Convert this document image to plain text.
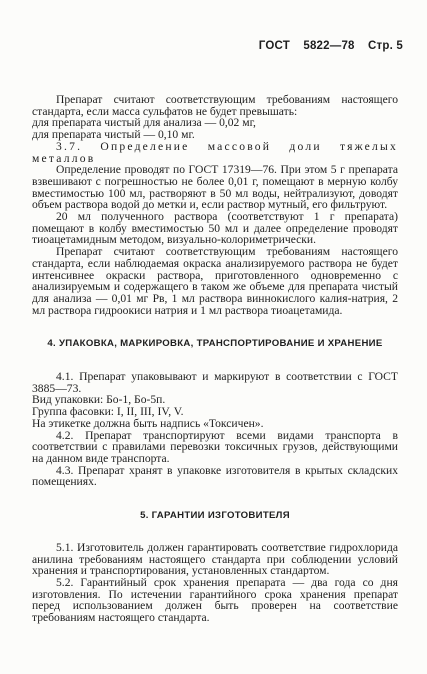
ГОСТ 5822—78 Стр. 5

Препарат считают соответствующим требованиям настоящего стандарта, если масса сульфатов не будет превышать:

для препарата чистый для анализа — 0,02 мг,

для препарата чистый — 0,10 мг.

3.7. Определение массовой доли тяжелых металлов

Определение проводят по ГОСТ 17319—76. При этом 5 г препарата взвешивают с погрешностью не более 0,01 г, помещают в мерную колбу вместимостью 100 мл, растворяют в 50 мл воды, нейтрализуют, доводят объем раствора водой до метки и, если раствор мутный, его фильтруют.

20 мл полученного раствора (соответствуют 1 г препарата) помещают в колбу вместимостью 50 мл и далее определение проводят тиоацетамидным методом, визуально-колориметрически.

Препарат считают соответствующим требованиям настоящего стандарта, если наблюдаемая окраска анализируемого раствора не будет интенсивнее окраски раствора, приготовленного одновременно с анализируемым и содержащего в таком же объеме для препарата чистый для анализа — 0,01 мг Рв, 1 мл раствора виннокислого калия-натрия, 2 мл раствора гидроокиси натрия и 1 мл раствора тиоацетамида.

4. УПАКОВКА, МАРКИРОВКА, ТРАНСПОРТИРОВАНИЕ И ХРАНЕНИЕ

4.1. Препарат упаковывают и маркируют в соответствии с ГОСТ 3885—73.

Вид упаковки: Бо-1, Бо-5п.

Группа фасовки: I, II, III, IV, V.

На этикетке должна быть надпись «Токсичен».

4.2. Препарат транспортируют всеми видами транспорта в соответствии с правилами перевозки токсичных грузов, действующими на данном виде транспорта.

4.3. Препарат хранят в упаковке изготовителя в крытых складских помещениях.

5. ГАРАНТИИ ИЗГОТОВИТЕЛЯ

5.1. Изготовитель должен гарантировать соответствие гидрохлорида анилина требованиям настоящего стандарта при соблюдении условий хранения и транспортирования, установленных стандартом.

5.2. Гарантийный срок хранения препарата — два года со дня изготовления. По истечении гарантийного срока хранения препарат перед использованием должен быть проверен на соответствие требованиям настоящего стандарта.
